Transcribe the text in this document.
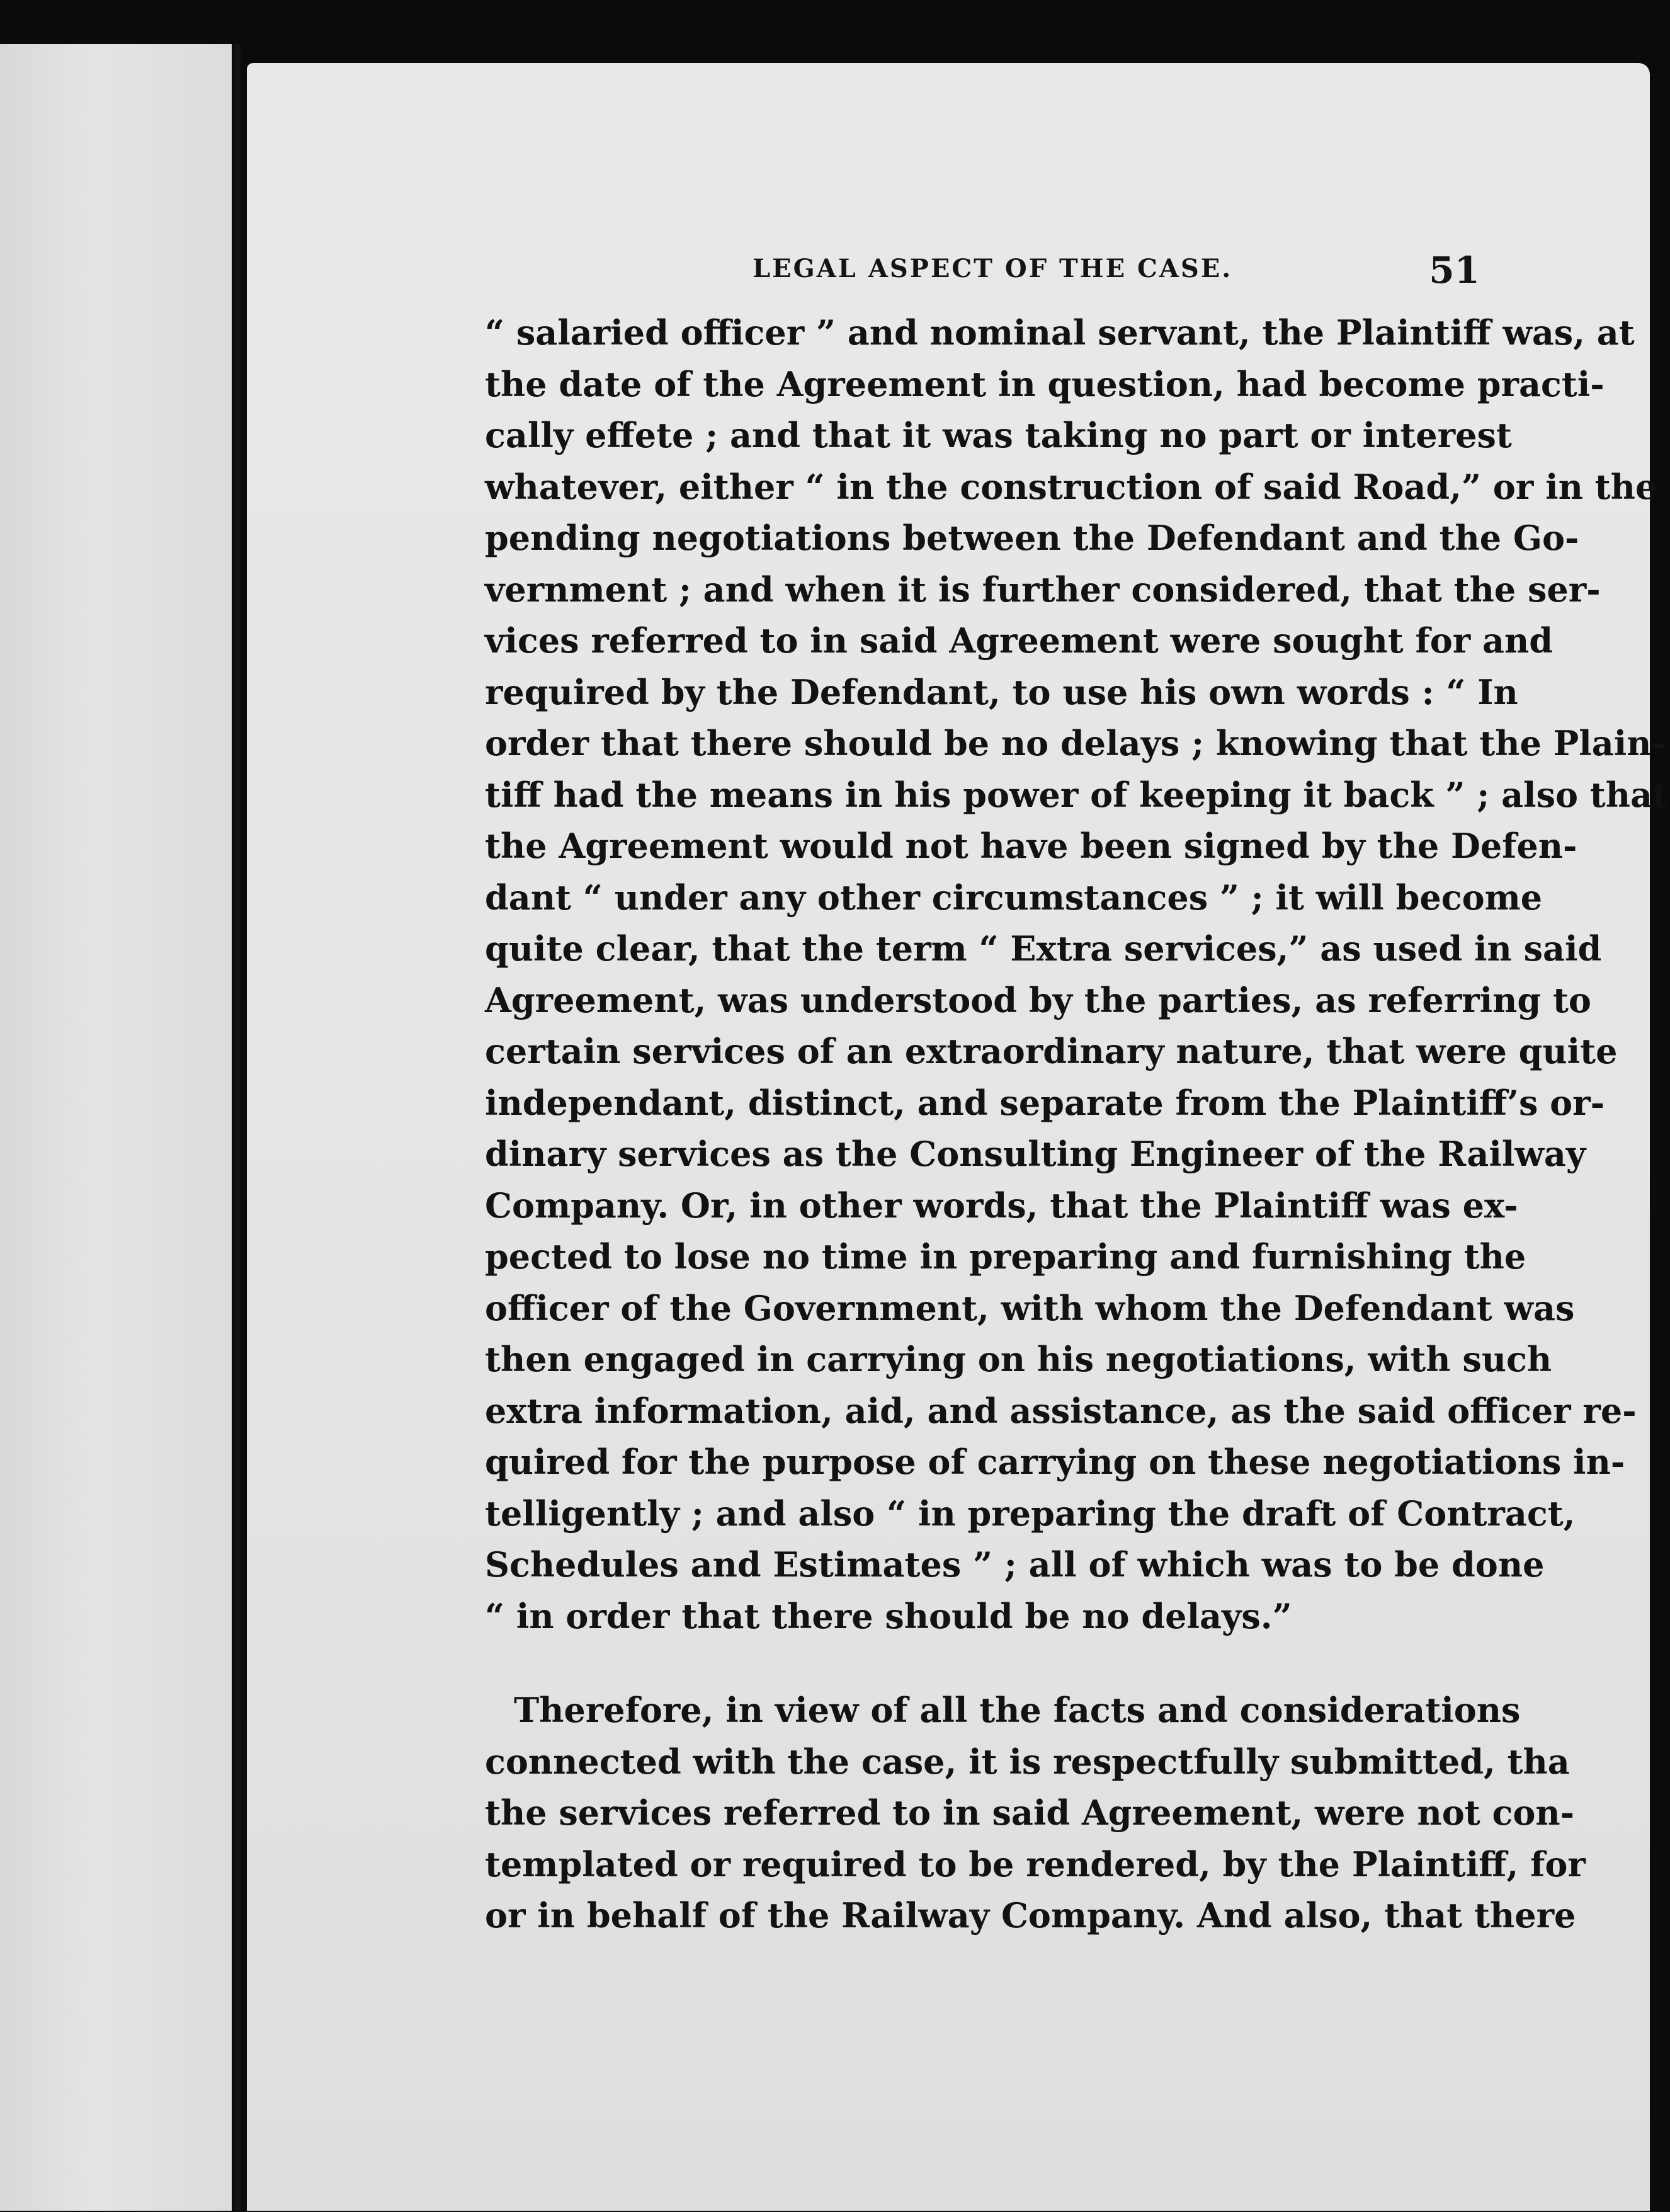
LEGAL ASPECT OF THE CASE.	51
“ salaried officer ” and nominal servant, the Plaintiff was, at
the date of the Agreement in question, had become practi-
cally effete ; and that it was taking no part or interest
whatever, either “ in the construction of said Road,” or in the
pending negotiations between the Defendant and the Go-
vernment ; and when it is further considered, that the ser-
vices referred to in said Agreement were sought for and
required by the Defendant, to use his own words : “ In
order that there should be no delays ; knowing that the Plain-
tiff had the means in his power of keeping it back ” ; also that
the Agreement would not have been signed by the Defen-
dant “ under any other circumstances ” ; it will become
quite clear, that the term “ Extra services,” as used in said
Agreement, was understood by the parties, as referring to
certain services of an extraordinary nature, that were quite
independant, distinct, and separate from the Plaintiff’s or-
dinary services as the Consulting Engineer of the Railway
Company. Or, in other words, that the Plaintiff was ex-
pected to lose no time in preparing and furnishing the
officer of the Government, with whom the Defendant was
then engaged in carrying on his negotiations, with such
extra information, aid, and assistance, as the said officer re-
quired for the purpose of carrying on these negotiations in-
telligently ; and also “ in preparing the draft of Contract,
Schedules and Estimates ” ; all of which was to be done
“ in order that there should be no delays.”
Therefore, in view of all the facts and considerations
connected with the case, it is respectfully submitted, tha
the services referred to in said Agreement, were not con-
templated or required to be rendered, by the Plaintiff, for
or in behalf of the Railway Company. And also, that there
